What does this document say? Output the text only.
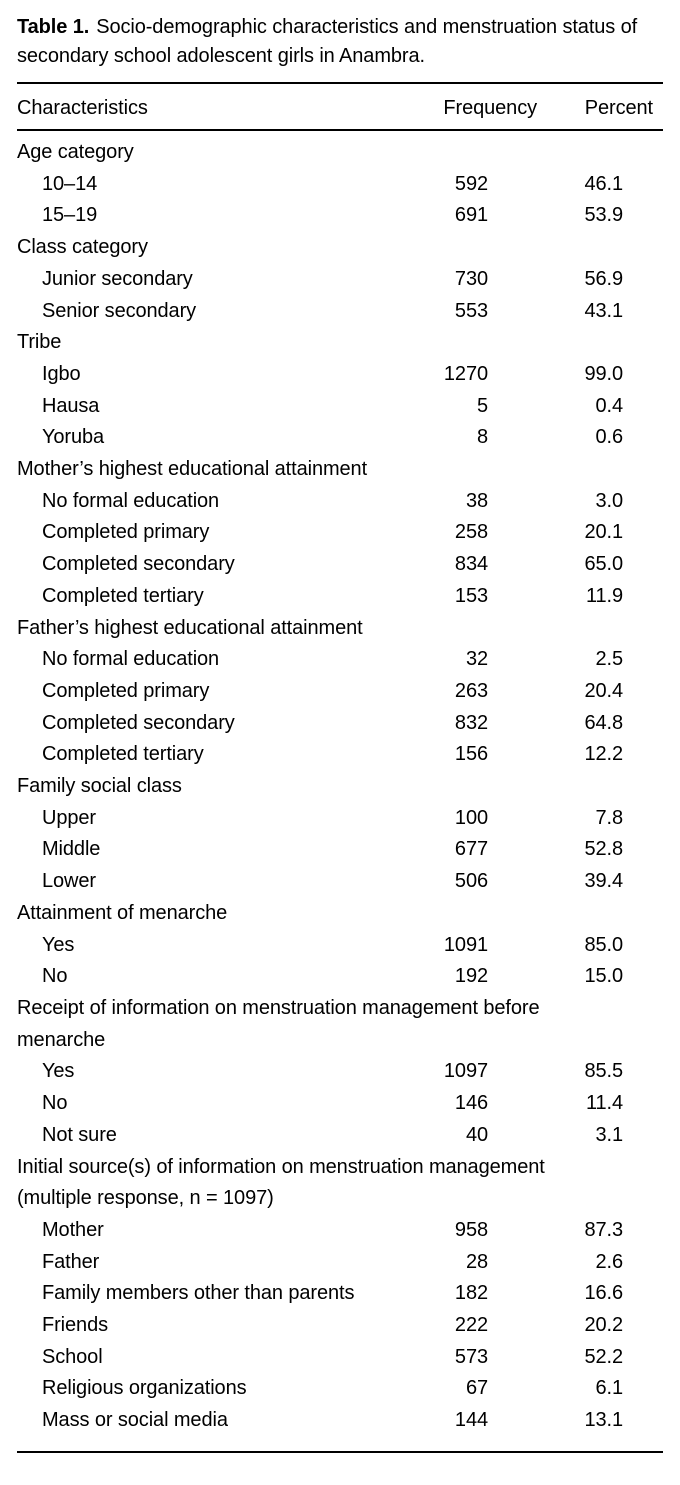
Table 1. Socio-demographic characteristics and menstruation status of secondary school adolescent girls in Anambra.

Characteristics	Frequency	Percent

Age category		

10–14	592	46.1
15–19	691	53.9

Class category		

Junior secondary	730	56.9
Senior secondary	553	43.1

Tribe		

Igbo	1270	99.0
Hausa	5	0.4
Yoruba	8	0.6

Mother’s highest educational attainment		

No formal education	38	3.0
Completed primary	258	20.1
Completed secondary	834	65.0
Completed tertiary	153	11.9

Father’s highest educational attainment		

No formal education	32	2.5
Completed primary	263	20.4
Completed secondary	832	64.8
Completed tertiary	156	12.2

Family social class		

Upper	100	7.8
Middle	677	52.8
Lower	506	39.4

Attainment of menarche		

Yes	1091	85.0
No	192	15.0

Receipt of information on menstruation management before
menarche		

Yes	1097	85.5
No	146	11.4
Not sure	40	3.1

Initial source(s) of information on menstruation management
(multiple response, n = 1097)		

Mother	958	87.3
Father	28	2.6
Family members other than parents	182	16.6
Friends	222	20.2
School	573	52.2
Religious organizations	67	6.1
Mass or social media	144	13.1
